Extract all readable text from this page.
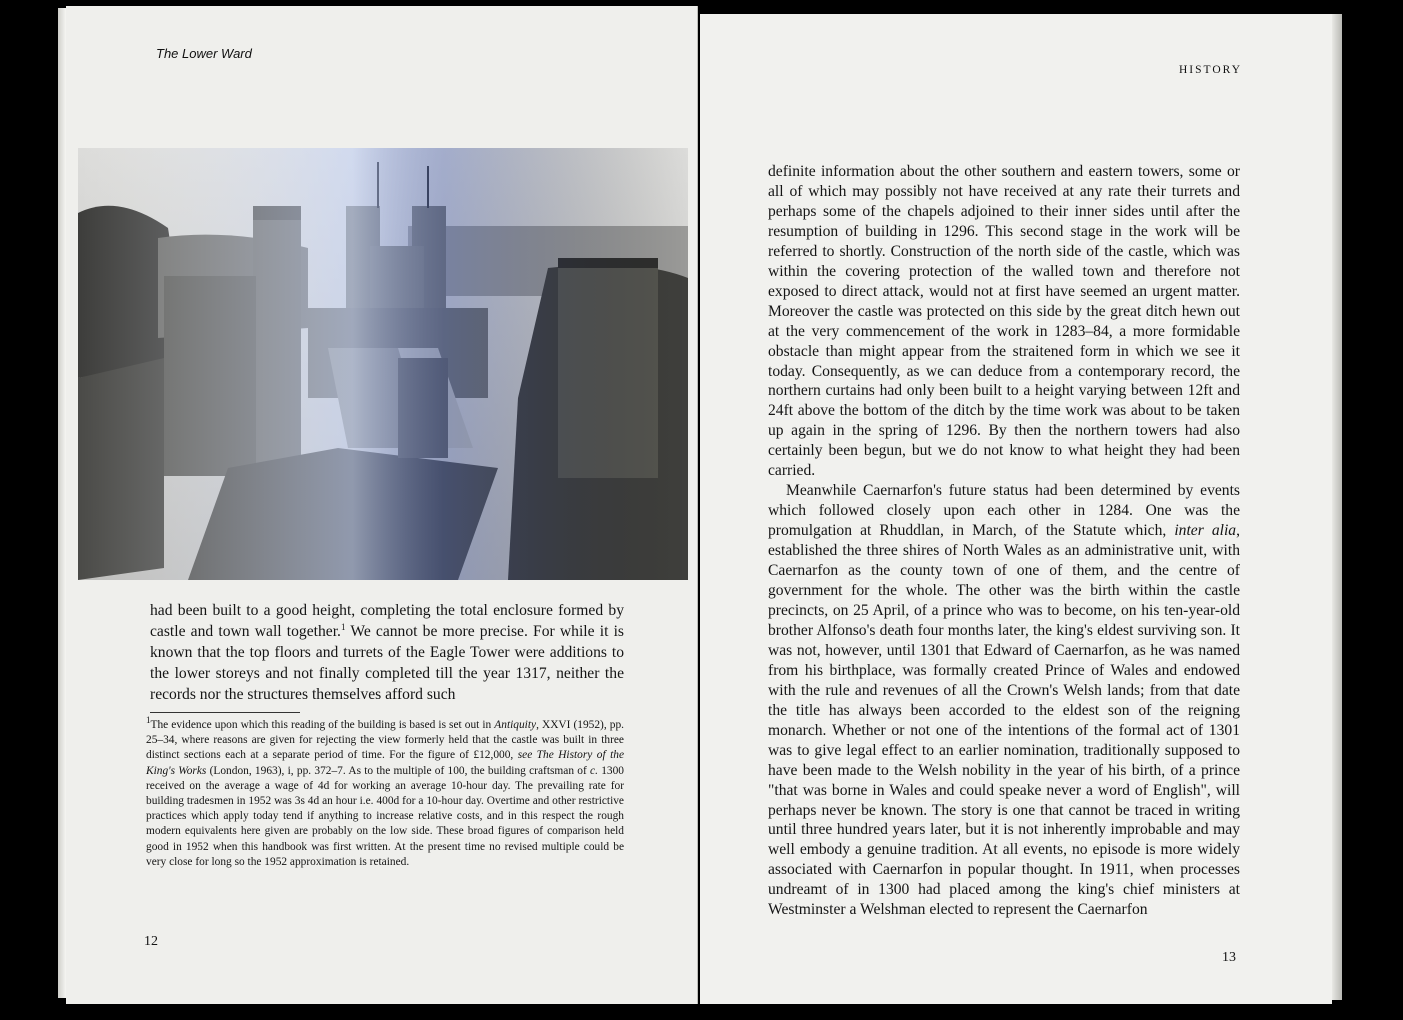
The Lower Ward
had been built to a good height, completing the total enclosure formed by castle and town wall together.$^1$ We cannot be more precise. For while it is known that the top floors and turrets of the Eagle Tower were additions to the lower storeys and not finally completed till the year 1317, neither the records nor the structures themselves afford such
$^1$The evidence upon which this reading of the building is based is set out in Antiquity, XXVI (1952), pp. 25–34, where reasons are given for rejecting the view formerly held that the castle was built in three distinct sections each at a separate period of time. For the figure of £12,000, see The History of the King's Works (London, 1963), i, pp. 372–7. As to the multiple of 100, the building craftsman of c. 1300 received on the average a wage of 4d for working an average 10-hour day. The prevailing rate for building tradesmen in 1952 was 3s 4d an hour i.e. 400d for a 10-hour day. Overtime and other restrictive practices which apply today tend if anything to increase relative costs, and in this respect the rough modern equivalents here given are probably on the low side. These broad figures of comparison held good in 1952 when this handbook was first written. At the present time no revised multiple could be very close for long so the 1952 approximation is retained.
12
HISTORY

definite information about the other southern and eastern towers, some or all of which may possibly not have received at any rate their turrets and perhaps some of the chapels adjoined to their inner sides until after the resumption of building in 1296. This second stage in the work will be referred to shortly. Construction of the north side of the castle, which was within the covering protection of the walled town and therefore not exposed to direct attack, would not at first have seemed an urgent matter. Moreover the castle was protected on this side by the great ditch hewn out at the very commencement of the work in 1283–84, a more formidable obstacle than might appear from the straitened form in which we see it today. Consequently, as we can deduce from a contemporary record, the northern curtains had only been built to a height varying between 12ft and 24ft above the bottom of the ditch by the time work was about to be taken up again in the spring of 1296. By then the northern towers had also certainly been begun, but we do not know to what height they had been carried.

Meanwhile Caernarfon's future status had been determined by events which followed closely upon each other in 1284. One was the promulgation at Rhuddlan, in March, of the Statute which, inter alia, established the three shires of North Wales as an administrative unit, with Caernarfon as the county town of one of them, and the centre of government for the whole. The other was the birth within the castle precincts, on 25 April, of a prince who was to become, on his ten-year-old brother Alfonso's death four months later, the king's eldest surviving son. It was not, however, until 1301 that Edward of Caernarfon, as he was named from his birthplace, was formally created Prince of Wales and endowed with the rule and revenues of all the Crown's Welsh lands; from that date the title has always been accorded to the eldest son of the reigning monarch. Whether or not one of the intentions of the formal act of 1301 was to give legal effect to an earlier nomination, traditionally supposed to have been made to the Welsh nobility in the year of his birth, of a prince "that was borne in Wales and could speake never a word of English", will perhaps never be known. The story is one that cannot be traced in writing until three hundred years later, but it is not inherently improbable and may well embody a genuine tradition. At all events, no episode is more widely associated with Caernarfon in popular thought. In 1911, when processes undreamt of in 1300 had placed among the king's chief ministers at Westminster a Welshman elected to represent the Caernarfon

13
